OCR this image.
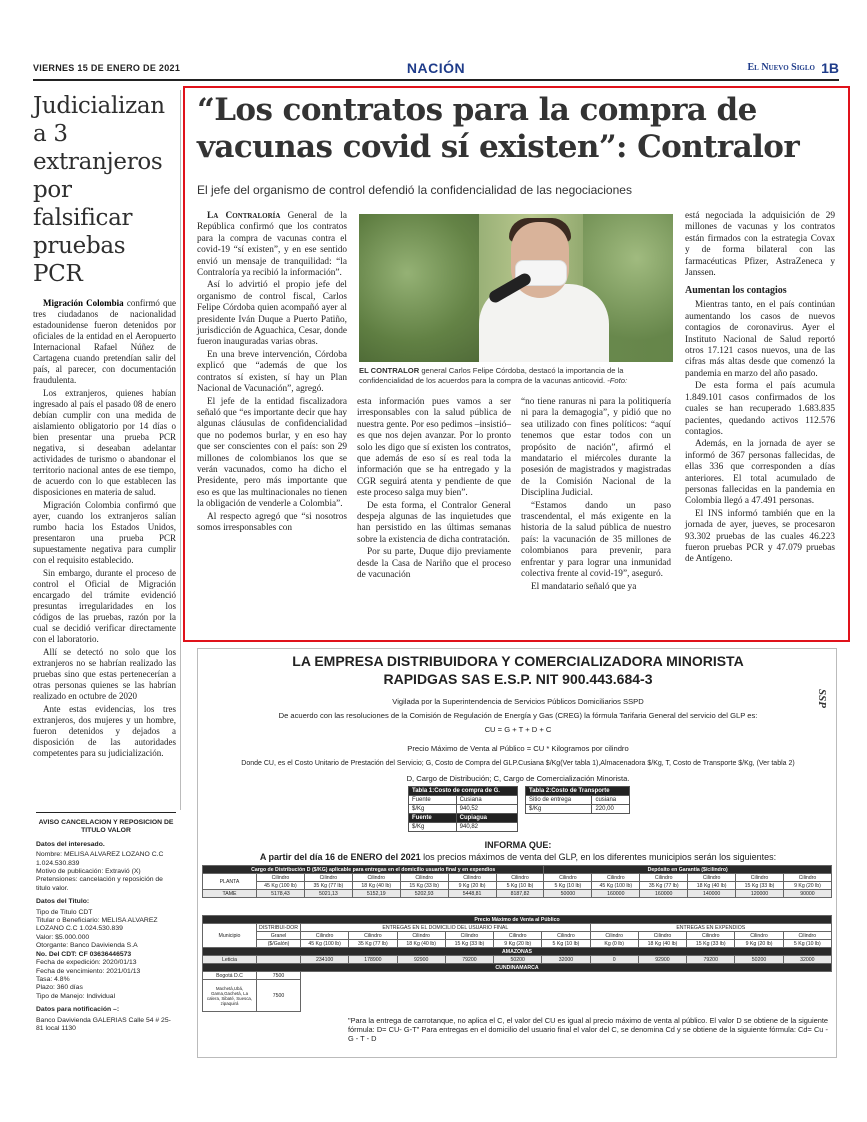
VIERNES 15 DE ENERO DE 2021	NACIÓN	El Nuevo Siglo 1B
Judicializan a 3 extranjeros por falsificar pruebas PCR

Migración Colombia confirmó que tres ciudadanos de nacionalidad estadounidense fueron detenidos por oficiales de la entidad en el Aeropuerto Internacional Rafael Núñez de Cartagena cuando pretendían salir del país, al parecer, con documentación fraudulenta.

Los extranjeros, quienes habían ingresado al país el pasado 08 de enero debían cumplir con una medida de aislamiento obligatorio por 14 días o bien presentar una prueba PCR negativa, si deseaban adelantar actividades de turismo o abandonar el territorio nacional antes de ese tiempo, de acuerdo con lo que establecen las disposiciones en materia de salud.

Migración Colombia confirmó que ayer, cuando los extranjeros salían rumbo hacia los Estados Unidos, presentaron una prueba PCR supuestamente negativa para cumplir con el requisito establecido.

Sin embargo, durante el proceso de control el Oficial de Migración encargado del trámite evidenció presuntas irregularidades en los códigos de las pruebas, razón por la cual se decidió verificar directamente con el laboratorio.

Allí se detectó no solo que los extranjeros no se habrían realizado las pruebas sino que estas pertenecerían a otras personas quienes se las habrían realizado en octubre de 2020

Ante estas evidencias, los tres extranjeros, dos mujeres y un hombre, fueron detenidos y dejados a disposición de las autoridades competentes para su judicialización.

AVISO CANCELACION Y REPOSICION DE TITULO VALOR
Datos del interesado.
Nombre: MELISA ALVAREZ LOZANO C.C 1.024.530.839
Motivo de publicación: Extravió (X)
Pretensiones: cancelación y reposición de titulo valor.
Datos del Titulo:
Tipo de Titulo CDT
Titular o Beneficiario: MELISA ALVAREZ LOZANO C.C 1.024.530.839
Valor: $5.000.000
Otorgante: Banco Davivienda S.A
No. Del CDT: CF 03636446573
Fecha de expedición: 2020/01/13
Fecha de vencimiento: 2021/01/13
Tasa: 4.8%
Plazo: 360 días
Tipo de Manejo: Individual
Datos para notificación –:
Banco Davivienda GALERIAS Calle 54 # 25-81 local 1130
“Los contratos para la compra de vacunas covid sí existen”: Contralor
El jefe del organismo de control defendió la confidencialidad de las negociaciones

La Contraloría General de la República confirmó que los contratos para la compra de vacunas contra el covid-19 “sí existen”, y en ese sentido envió un mensaje de tranquilidad: “la Contraloría ya recibió la información”.

Así lo advirtió el propio jefe del organismo de control fiscal, Carlos Felipe Córdoba quien acompañó ayer al presidente Iván Duque a Puerto Patiño, jurisdicción de Aguachica, Cesar, donde fueron inauguradas varias obras.

En una breve intervención, Córdoba explicó que “además de que los contratos sí existen, sí hay un Plan Nacional de Vacunación”, agregó.

El jefe de la entidad fiscalizadora señaló que “es importante decir que hay algunas cláusulas de confidencialidad que no podemos burlar, y en eso hay que ser conscientes con el país: son 29 millones de colombianos los que se verán vacunados, como ha dicho el Presidente, pero más importante que eso es que las multinacionales no tienen la obligación de venderle a Colombia”.

Al respecto agregó que “si nosotros somos irresponsables con

EL CONTRALOR general Carlos Felipe Córdoba, destacó la importancia de la confidencialidad de los acuerdos para la compra de la vacunas anticovid. -Foto:

esta información pues vamos a ser irresponsables con la salud pública de nuestra gente. Por eso pedimos –insistió– es que nos dejen avanzar. Por lo pronto solo les digo que sí existen los contratos, que además de eso sí es real toda la información que se ha entregado y la CGR seguirá atenta y pendiente de que este proceso salga muy bien”.

De esta forma, el Contralor General despeja algunas de las inquietudes que han persistido en las últimas semanas sobre la existencia de dicha contratación.

Por su parte, Duque dijo previamente desde la Casa de Nariño que el proceso de vacunación

“no tiene ranuras ni para la politiquería ni para la demagogia”, y pidió que no sea utilizado con fines políticos: “aquí tenemos que estar todos con un propósito de nación”, afirmó el mandatario el miércoles durante la posesión de magistrados y magistradas de la Comisión Nacional de la Disciplina Judicial.

“Estamos dando un paso trascendental, el más exigente en la historia de la salud pública de nuestro país: la vacunación de 35 millones de colombianos para prevenir, para enfrentar y para lograr una inmunidad colectiva frente al covid-19”, aseguró.

El mandatario señaló que ya

está negociada la adquisición de 29 millones de vacunas y los contratos están firmados con la estrategia Covax y de forma bilateral con las farmacéuticas Pfizer, AstraZeneca y Janssen.

Aumentan los contagios

Mientras tanto, en el país continúan aumentando los casos de nuevos contagios de coronavirus. Ayer el Instituto Nacional de Salud reportó otros 17.121 casos nuevos, una de las cifras más altas desde que comenzó la pandemia en marzo del año pasado.

De esta forma el país acumula 1.849.101 casos confirmados de los cuales se han recuperado 1.683.835 pacientes, quedando activos 112.576 contagios.

Además, en la jornada de ayer se informó de 367 personas fallecidas, de ellas 336 que corresponden a días anteriores. El total acumulado de personas fallecidas en la pandemia en Colombia llegó a 47.491 personas.

El INS informó también que en la jornada de ayer, jueves, se procesaron 93.302 pruebas de las cuales 46.223 fueron pruebas PCR y 47.079 pruebas de Antígeno.

LA EMPRESA DISTRIBUIDORA Y COMERCIALIZADORA MINORISTA
RAPIDGAS SAS E.S.P. NIT 900.443.684-3
Vigilada por la Superintendencia de Servicios Públicos Domiciliarios SSPD
De acuerdo con las resoluciones de la Comisión de Regulación de Energía y Gas (CREG) la fórmula Tarifaria General del servicio del GLP es:
CU = G + T + D + C
Precio Máximo de Venta al Público = CU * Kilogramos por cilindro
Donde CU, es el Costo Unitario de Prestación del Servicio; G, Costo de Compra del GLP.Cusiana $/Kg(Ver tabla 1),Almacenadora $/Kg, T, Costo de Transporte $/Kg, (Ver tabla 2)
D, Cargo de Distribución; C, Cargo de Comercialización Minorista.
SSP
Tabla 1:Costo de compra de G.	
Fuente	Cusiana
$/Kg	940,52
Fuente	Cupiagua
$/Kg	940,82
Tabla 2:Costo de Transporte	
Sitio de entrega	cusiana
$/Kg	220,00
INFORMA QUE:
A partir del día 16 de ENERO del 2021 los precios máximos de venta del GLP, en los diferentes municipios serán los siguientes:
Cargo de Distribución D ($/KG) aplicable para entregas en el domicilio usuario final y en expendios							Depósito en Garantía ($/cilindro)					
PLANTA	Cilindro	Cilindro	Cilindro	Cilindro	Cilindro	Cilindro	Cilindro	Cilindro	Cilindro	Cilindro	Cilindro	Cilindro
	45 Kg (100 lb)	35 Kg (77 lb)	18 Kg (40 lb)	15 Kg (33 lb)	9 Kg (20 lb)	5 Kg (10 lb)	5 Kg (10 lb)	45 Kg (100 lb)	35 Kg (77 lb)	18 Kg (40 lb)	15 Kg (33 lb)	9 Kg (20 lb)
TAME	5178,43	5021,13	5152,19	5202,93	5448,81	8187,82	50000	160000	160000	140000	120000	90000
Precio Máximo de Venta al Público												
Municipio	DISTRIBUI-DOR	ENTREGAS EN EL DOMICILIO DEL USUARIO FINAL						ENTREGAS EN EXPENDIOS				
	Granel	Cilindro	Cilindro	Cilindro	Cilindro	Cilindro	Cilindro	Cilindro	Cilindro	Cilindro	Cilindro	Cilindro
	($/Galón)	45 Kg (100 lb)	35 Kg (77 lb)	18 Kg (40 lb)	15 Kg (33 lb)	9 Kg (20 lb)	5 Kg (10 lb)	Kg (0 lb)	18 Kg (40 lb)	15 Kg (33 lb)	9 Kg (20 lb)	5 Kg (10 lb)
AMAZONAS												
Leticia		234100	178900	92900	79200	50200	32000	0	92900	79200	50200	32000
CUNDINAMARCA												
Bogotá D.C	7500											
Machetá,Ubá, Gama,Gachetá, La calera, Sibaté, Suesca, zipaquirá	7500											
"Para la entrega de carrotanque, no aplica el C, el valor del CU es igual al precio máximo de venta al público. El valor D se obtiene de la siguiente fórmula: D= CU- G-T" Para entregas en el domicilio del usuario final el valor del C, se denomina Cd y se obtiene de la siguiente fórmula: Cd= Cu - G - T - D
